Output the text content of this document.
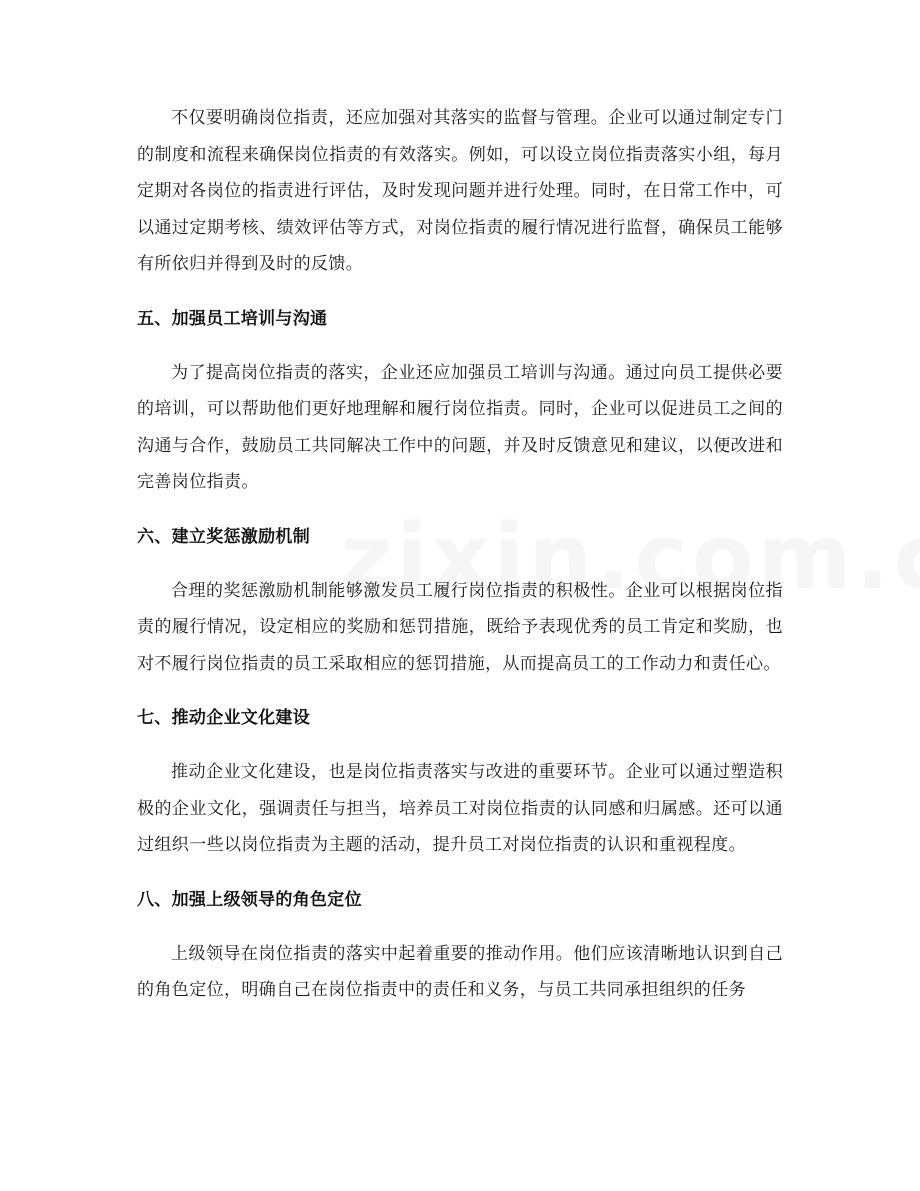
不仅要明确岗位指责，还应加强对其落实的监督与管理。企业可以通过制定专门的制度和流程来确保岗位指责的有效落实。例如，可以设立岗位指责落实小组，每月定期对各岗位的指责进行评估，及时发现问题并进行处理。同时，在日常工作中，可以通过定期考核、绩效评估等方式，对岗位指责的履行情况进行监督，确保员工能够有所依归并得到及时的反馈。

五、加强员工培训与沟通

为了提高岗位指责的落实，企业还应加强员工培训与沟通。通过向员工提供必要的培训，可以帮助他们更好地理解和履行岗位指责。同时，企业可以促进员工之间的沟通与合作，鼓励员工共同解决工作中的问题，并及时反馈意见和建议，以便改进和完善岗位指责。

六、建立奖惩激励机制

合理的奖惩激励机制能够激发员工履行岗位指责的积极性。企业可以根据岗位指责的履行情况，设定相应的奖励和惩罚措施，既给予表现优秀的员工肯定和奖励，也对不履行岗位指责的员工采取相应的惩罚措施，从而提高员工的工作动力和责任心。

七、推动企业文化建设

推动企业文化建设，也是岗位指责落实与改进的重要环节。企业可以通过塑造积极的企业文化，强调责任与担当，培养员工对岗位指责的认同感和归属感。还可以通过组织一些以岗位指责为主题的活动，提升员工对岗位指责的认识和重视程度。

八、加强上级领导的角色定位

上级领导在岗位指责的落实中起着重要的推动作用。他们应该清晰地认识到自己的角色定位，明确自己在岗位指责中的责任和义务，与员工共同承担组织的任务
